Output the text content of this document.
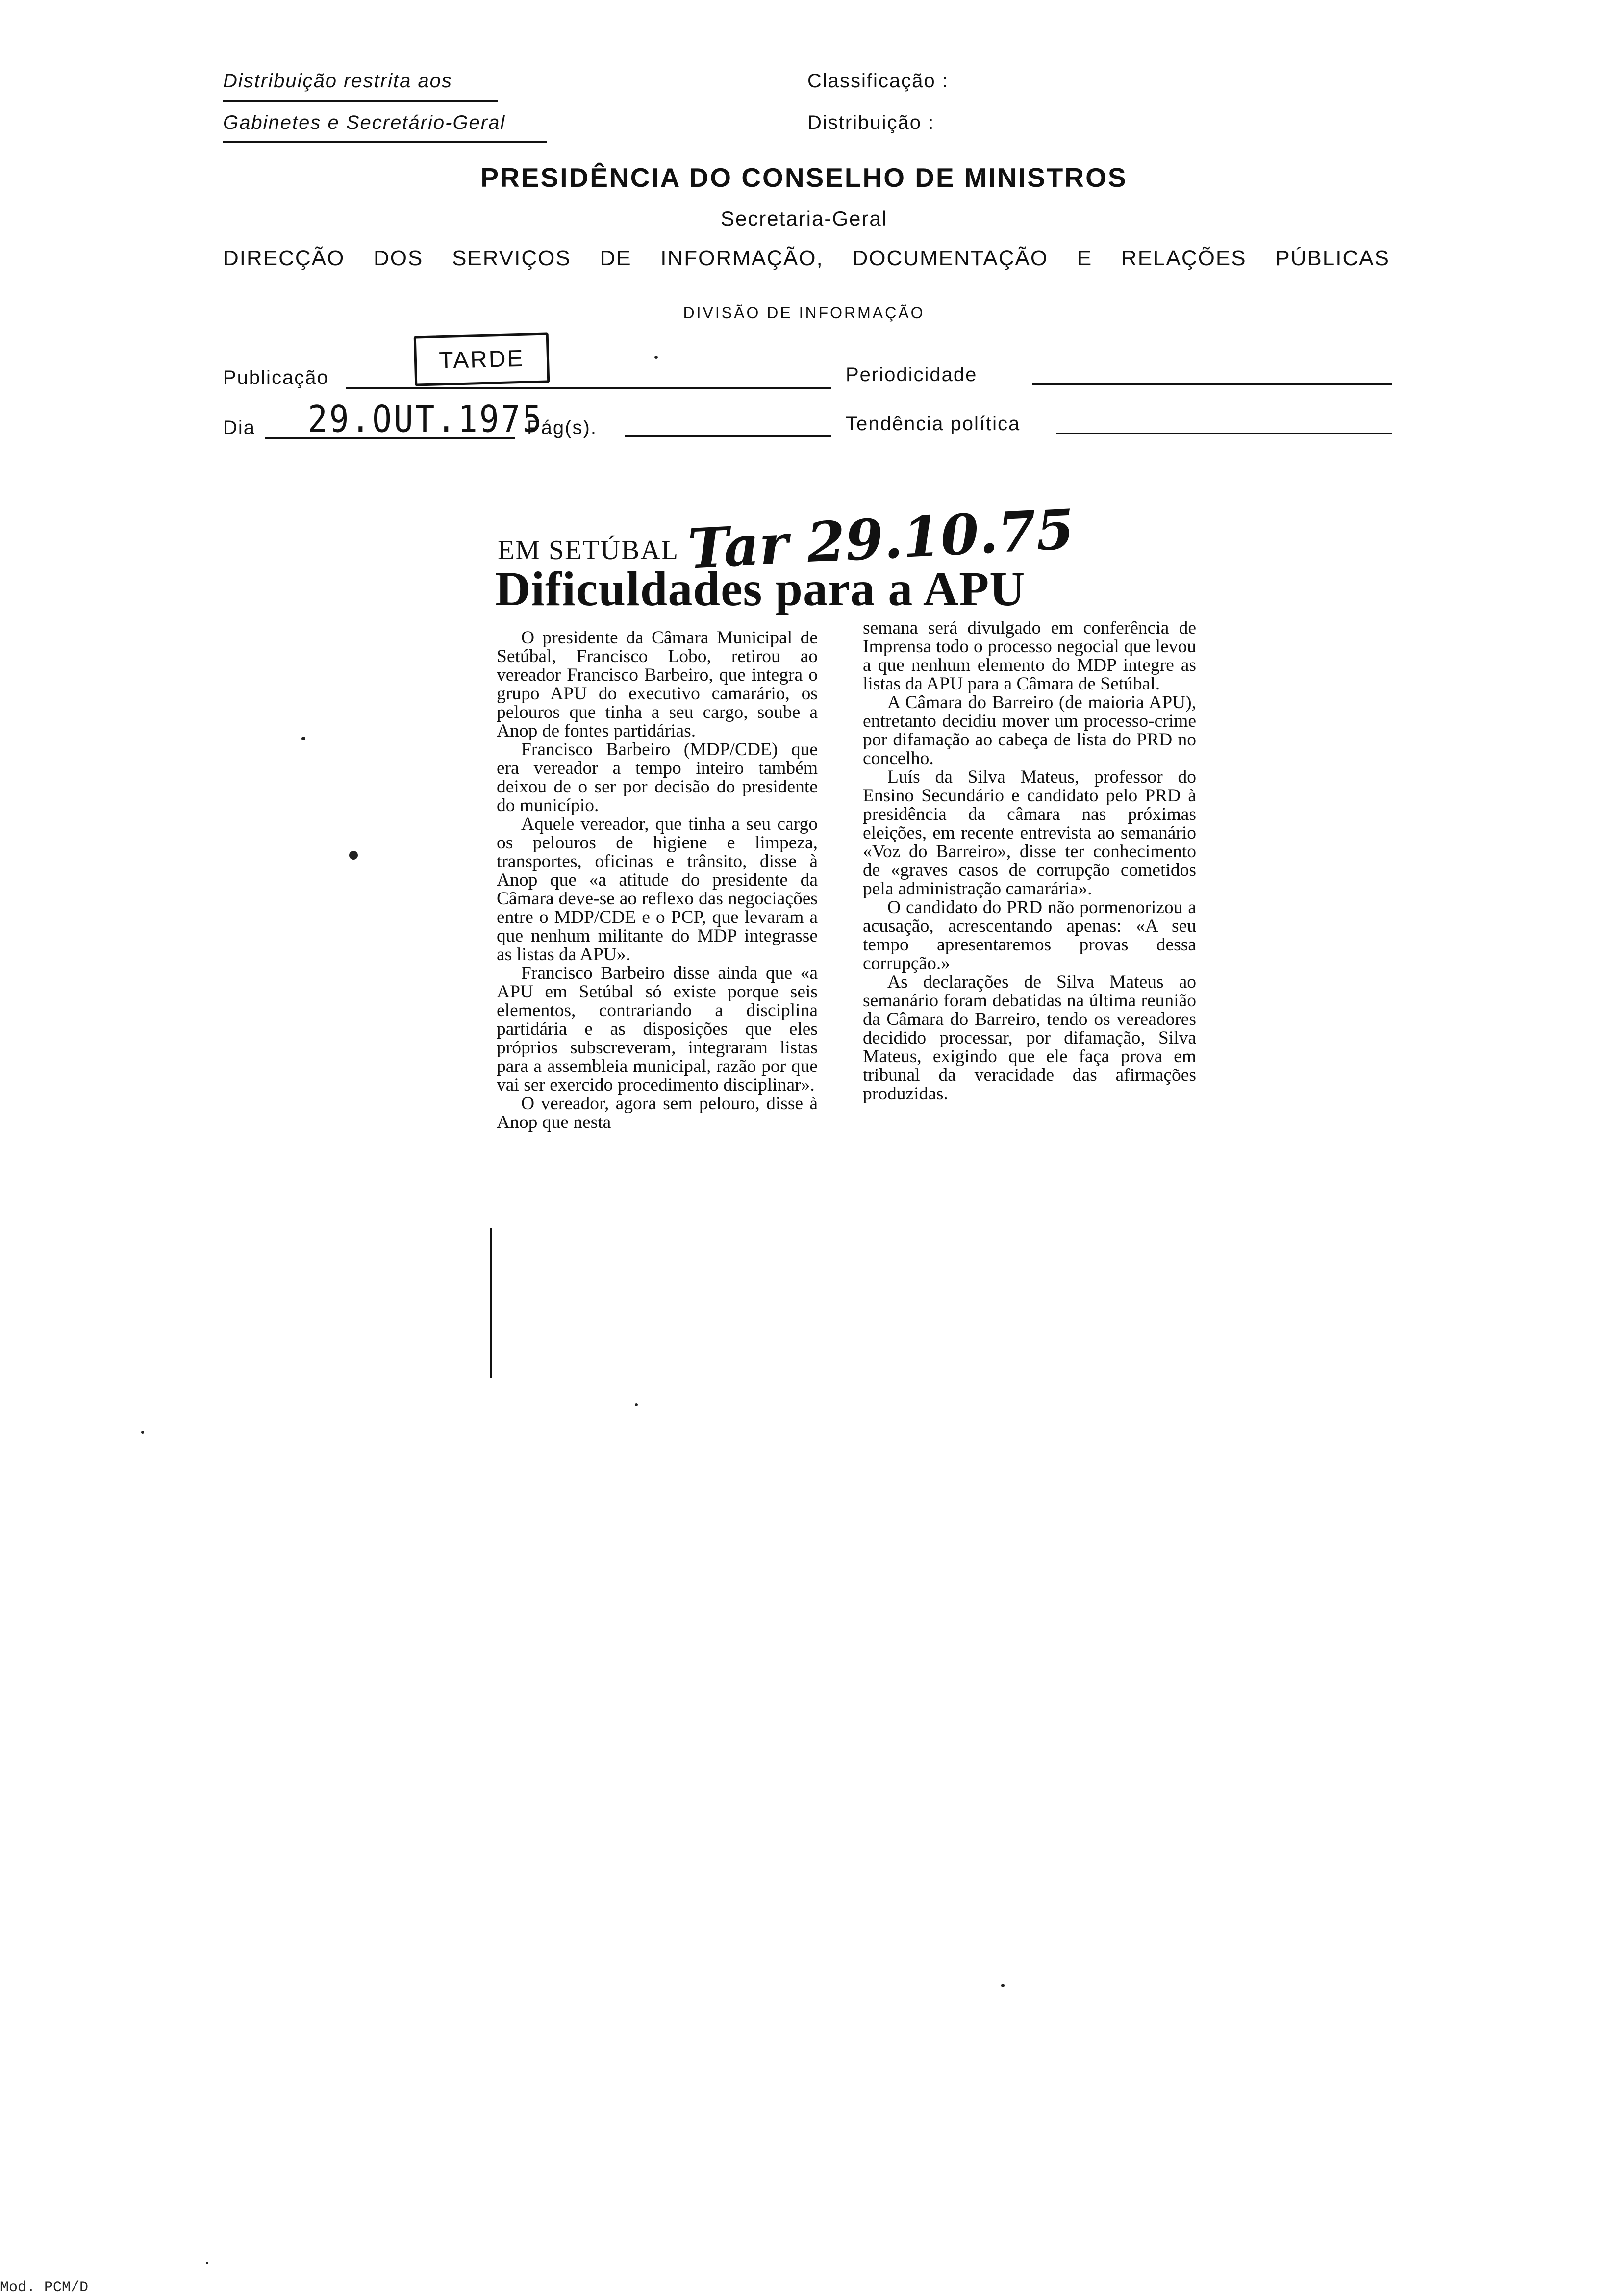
Distribuição restrita aos
Gabinetes e Secretário-Geral
Classificação :
Distribuição :
PRESIDÊNCIA DO CONSELHO DE MINISTROS
Secretaria-Geral
DIRECÇÃO DOS SERVIÇOS DE INFORMAÇÃO, DOCUMENTAÇÃO E RELAÇÕES PÚBLICAS
DIVISÃO DE INFORMAÇÃO
Publicação
TARDE
Periodicidade
Dia 29.OUT.1975
Pág(s).	Tendência política
EM SETÚBAL
Dificuldades para a APU
Tar 29.10.75

O presidente da Câmara Municipal de Setúbal, Francisco Lobo, retirou ao vereador Francisco Barbeiro, que integra o grupo APU do executivo camarário, os pelouros que tinha a seu cargo, soube a Anop de fontes partidárias.

Francisco Barbeiro (MDP/CDE) que era vereador a tempo inteiro também deixou de o ser por decisão do presidente do município.

Aquele vereador, que tinha a seu cargo os pelouros de higiene e limpeza, transportes, oficinas e trânsito, disse à Anop que «a atitude do presidente da Câmara deve-se ao reflexo das negociações entre o MDP/CDE e o PCP, que levaram a que nenhum militante do MDP integrasse as listas da APU».

Francisco Barbeiro disse ainda que «a APU em Setúbal só existe porque seis elementos, contrariando a disciplina partidária e as disposições que eles próprios subscreveram, integraram listas para a assembleia municipal, razão por que vai ser exercido procedimento disciplinar».

O vereador, agora sem pelouro, disse à Anop que nesta

semana será divulgado em conferência de Imprensa todo o processo negocial que levou a que nenhum elemento do MDP integre as listas da APU para a Câmara de Setúbal.

A Câmara do Barreiro (de maioria APU), entretanto decidiu mover um processo-crime por difamação ao cabeça de lista do PRD no concelho.

Luís da Silva Mateus, professor do Ensino Secundário e candidato pelo PRD à presidência da câmara nas próximas eleições, em recente entrevista ao semanário «Voz do Barreiro», disse ter conhecimento de «graves casos de corrupção cometidos pela administração camarária».

O candidato do PRD não pormenorizou a acusação, acrescentando apenas: «A seu tempo apresentaremos provas dessa corrupção.»

As declarações de Silva Mateus ao semanário foram debatidas na última reunião da Câmara do Barreiro, tendo os vereadores decidido processar, por difamação, Silva Mateus, exigindo que ele faça prova em tribunal da veracidade das afirmações produzidas.

Mod. PCM/D
